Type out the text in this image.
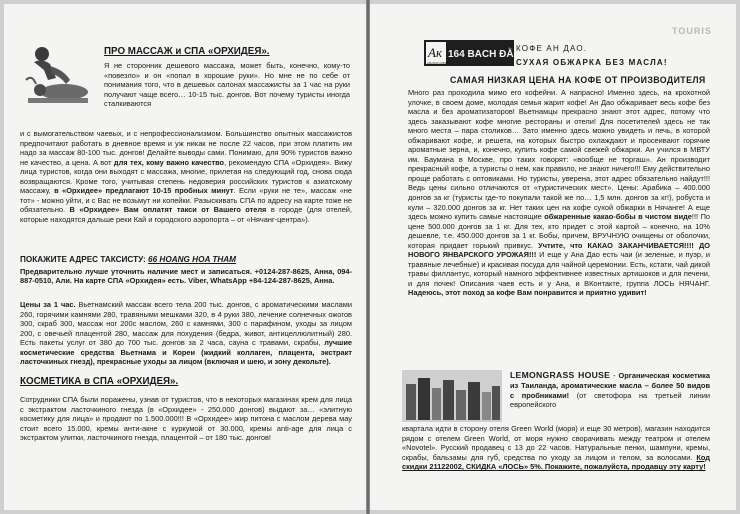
ПРО МАССАЖ и СПА «ОРХИДЕЯ».

Я не сторонник дешевого массажа, может быть, конечно, кому-то «повезло» и он «попал в хорошие руки». Но мне не по себе от понимания того, что в дешевых салонах массажисты за 1 час на руки получают чаще всего… 10-15 тыс. донгов. Вот почему туристы иногда сталкиваются

и с вымогательством чаевых, и с непрофессионализмом. Большинство опытных массажистов предпочитают работать в дневное время и уж никак не после 22 часов, при этом платить им надо за массаж 80-100 тыс. донгов! Делайте выводы сами. Понимаю, для 90% туристов важно не качество, а цена. А вот для тех, кому важно качество, рекомендую СПА «Орхидея». Вижу лица туристов, когда они выходят с массажа, многие, прилетая на следующий год, снова сюда возвращаются. Кроме того, учитывая степень недоверия российских туристов к азиатскому массажу, в «Орхидее» предлагают 10-15 пробных минут. Если «руки не те», массаж «не тот» - можно уйти, и с Вас не возьмут ни копейки. Разыскивать СПА по адресу на карте тоже не обязательно. В «Орхидее» Вам оплатят такси от Вашего отеля в городе (для отелей, которые находятся дальше реки Кай и городского аэропорта – от «Нячанг-центра»).

ПОКАЖИТЕ АДРЕС ТАКСИСТУ: 66 HOANG HOA THAM

Предварительно лучше уточнить наличие мест и записаться. +0124-287-8625, Анна, 094-887-0510, Али. На карте СПА «Орхидея» есть. Viber, WhatsApp +84-124-287-8625, Анна.

Цены за 1 час. Вьетнамский массаж всего тела 200 тыс. донгов, с ароматическими маслами 260, горячими камнями 280, травяными мешками 320, в 4 руки 380, лечение солнечных ожогов 300, скраб 300, массаж ног 200с маслом, 260 с камнями, 300 с парафином, уходы за лицом 200, с овечьей плацентой 280, массаж для похудения (бедра, живот, антицеллюлитный) 280. Есть пакеты услуг от 380 до 700 тыс. донгов за 2 часа, сауна с травами, скрабы, лучшие косметические средства Вьетнама и Кореи (жидкий коллаген, плацента, экстракт ласточкиных гнезд), прекрасные уходы за лицом (включая и шею, и зону декольте).

КОСМЕТИКА в СПА «ОРХИДЕЯ».

Сотрудники СПА были поражены, узнав от туристов, что в некоторых магазинах крем для лица с экстрактом ласточкиного гнезда (в «Орхидее» - 250.000 донгов) выдают за… «элитную косметику для лица» и продают по 1.500.000!!! В «Орхидее» жир питона с маслом дерева мау стоит всего 15.000, кремы анти-акне с куркумой от 30.000, кремы anti-age для лица с экстрактом улитки, ласточкиного гнезда, плацентой – от 180 тыс. донгов!

Ак 164 BACH ĐẰNG
ANH DAO COFFEE
КОФЕ АН ДАО.
СУХАЯ ОБЖАРКА БЕЗ МАСЛА!
САМАЯ НИЗКАЯ ЦЕНА НА КОФЕ ОТ ПРОИЗВОДИТЕЛЯ

Много раз проходила мимо его кофейни. А напрасно! Именно здесь, на крохотной улочке, в своем доме, молодая семья жарит кофе! Ан Дао обжаривает весь кофе без масла и без ароматизаторов! Вьетнамцы прекрасно знают этот адрес, потому что здесь заказывают кофе многие рестораны и отели! Для посетителей здесь не так много места – пара столиков… Зато именно здесь можно увидеть и печь, в которой обжаривают кофе, и решета, на которых быстро охлаждают и просеивают горячие ароматные зерна, и, конечно, купить кофе самой свежей обжарки. Ан учился в МВТУ им. Баумана в Москве, про таких говорят: «вообще не торгаш». Ан производит прекрасный кофе, а туристы о нем, как правило, не знают ничего!!! Ему действительно проще работать с оптовиками. Но туристы, уверена, этот адрес обязательно найдут!!! Ведь цены сильно отличаются от «туристических мест». Цены: Арабика – 400.000 донгов за кг (туристы где-то покупали такой же по… 1,5 млн. донгов за кг!), робуста и кули – 320.000 донгов за кг. Нет таких цен на кофе сухой обжарки в Нячанге! А еще здесь можно купить самые настоящие обжаренные какао-бобы в чистом виде!!! По цене 500.000 донгов за 1 кг. Для тех, кто придет с этой картой – конечно, на 10% дешевле, т.е. 450.000 донгов за 1 кг. Бобы, причем, ВРУЧНУЮ очищены от оболочки, которая придает горький привкус. Учтите, что КАКАО ЗАКАНЧИВАЕТСЯ!!!! ДО НОВОГО ЯНВАРСКОГО УРОЖАЯ!!! И еще у Ана Дао есть чаи (и зеленые, и пуэр, и травяные лечебные) и красивая посуда для чайной церемонии. Есть, кстати, чай дикой травы филлантус, который намного эффективнее известных артишоков и для печени, и для почек! Описания чаев есть и у Ана, и ВКонтакте, группа ЛОСЬ НЯЧАНГ. Надеюсь, этот поход за кофе Вам понравится и приятно удивит!

LEMONGRASS HOUSE - Органическая косметика из Таиланда, ароматические масла – более 50 видов с пробниками! (от светофора на третьей линии европейского

квартала идти в сторону отеля Green World (моря) и еще 30 метров), магазин находится рядом с отелем Green World, от моря нужно сворачивать между театром и отелем «Novotel». Русский продавец с 13 до 22 часов. Натуральные пенки, шампуни, кремы, скрабы, бальзамы для губ, средства по уходу за лицом и телом, за волосами. Код скидки 21122002, СКИДКА «ЛОСЬ» 5%. Покажите, пожалуйста, продавцу эту карту!

TOURIS
